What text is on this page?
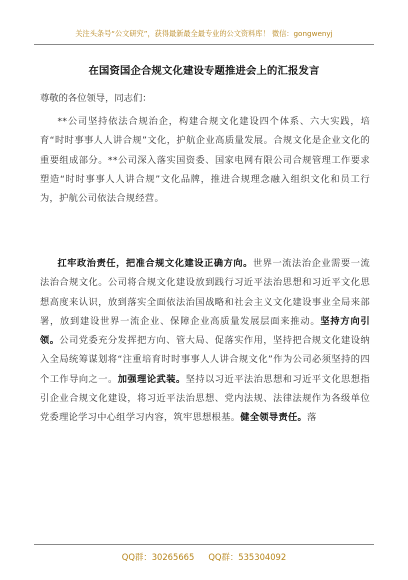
关注头条号“公文研究”，获得最新最全最专业的公文资料库！ 微信：gongwenyj
在国资国企合规文化建设专题推进会上的汇报发言
尊敬的各位领导，同志们：
**公司坚持依法合规治企，构建合规文化建设四个体系、六大实践，培育“时时事事人人讲合规”文化，护航企业高质量发展。合规文化是企业文化的重要组成部分。**公司深入落实国资委、国家电网有限公司合规管理工作要求塑造“时时事事人人讲合规”文化品牌，推进合规理念融入组织文化和员工行为，护航公司依法合规经营。
扛牢政治责任，把准合规文化建设正确方向。世界一流法治企业需要一流法治合规文化。公司将合规文化建设放到践行习近平法治思想和习近平文化思想高度来认识，放到落实全面依法治国战略和社会主义文化建设事业全局来部署，放到建设世界一流企业、保障企业高质量发展层面来推动。坚持方向引领。公司党委充分发挥把方向、管大局、促落实作用，坚持把合规文化建设纳入全局统筹谋划将“注重培育时时事事人人讲合规文化”作为公司必须坚持的四个工作导向之一。加强理论武装。坚持以习近平法治思想和习近平文化思想指引企业合规文化建设，将习近平法治思想、党内法规、法律法规作为各级单位党委理论学习中心组学习内容，筑牢思想根基。健全领导责任。落
QQ群：30265665 QQ群：535304092
